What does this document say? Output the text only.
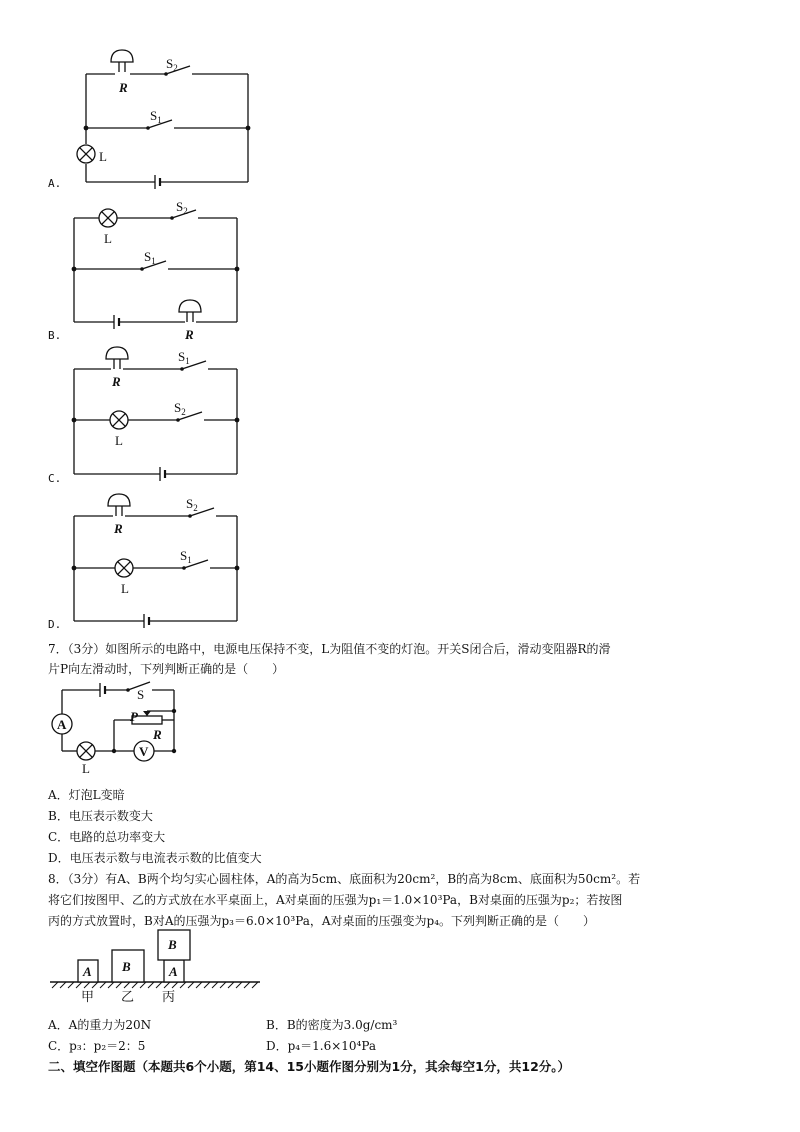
R
$S_2$
$S_1$
L
L
$S_2$
$S_1$
R
R
$S_1$
$S_2$
L
R
$S_2$
$S_1$
L
A
V
S
P
R
L
A B	A
B
甲 乙 丙
A.
B.
C.
D.
7．（3分）如图所示的电路中，电源电压保持不变，L为阻值不变的灯泡。开关S闭合后，滑动变阻器R的滑
片P向左滑动时，下列判断正确的是（　　）
A．灯泡L变暗
B．电压表示数变大
C．电路的总功率变大
D．电压表示数与电流表示数的比值变大
8．（3分）有A、B两个均匀实心圆柱体，A的高为5cm、底面积为20cm²，B的高为8cm、底面积为50cm²。若
将它们按图甲、乙的方式放在水平桌面上，A对桌面的压强为p₁＝1.0×10³Pa，B对桌面的压强为p₂；若按图
丙的方式放置时，B对A的压强为p₃＝6.0×10³Pa，A对桌面的压强变为p₄。下列判断正确的是（　　）
A．A的重力为20N	B．B的密度为3.0g/cm³
C．p₃：p₂＝2：5	D．p₄＝1.6×10⁴Pa
二、填空作图题（本题共6个小题，第14、15小题作图分别为1分，其余每空1分，共12分。）
